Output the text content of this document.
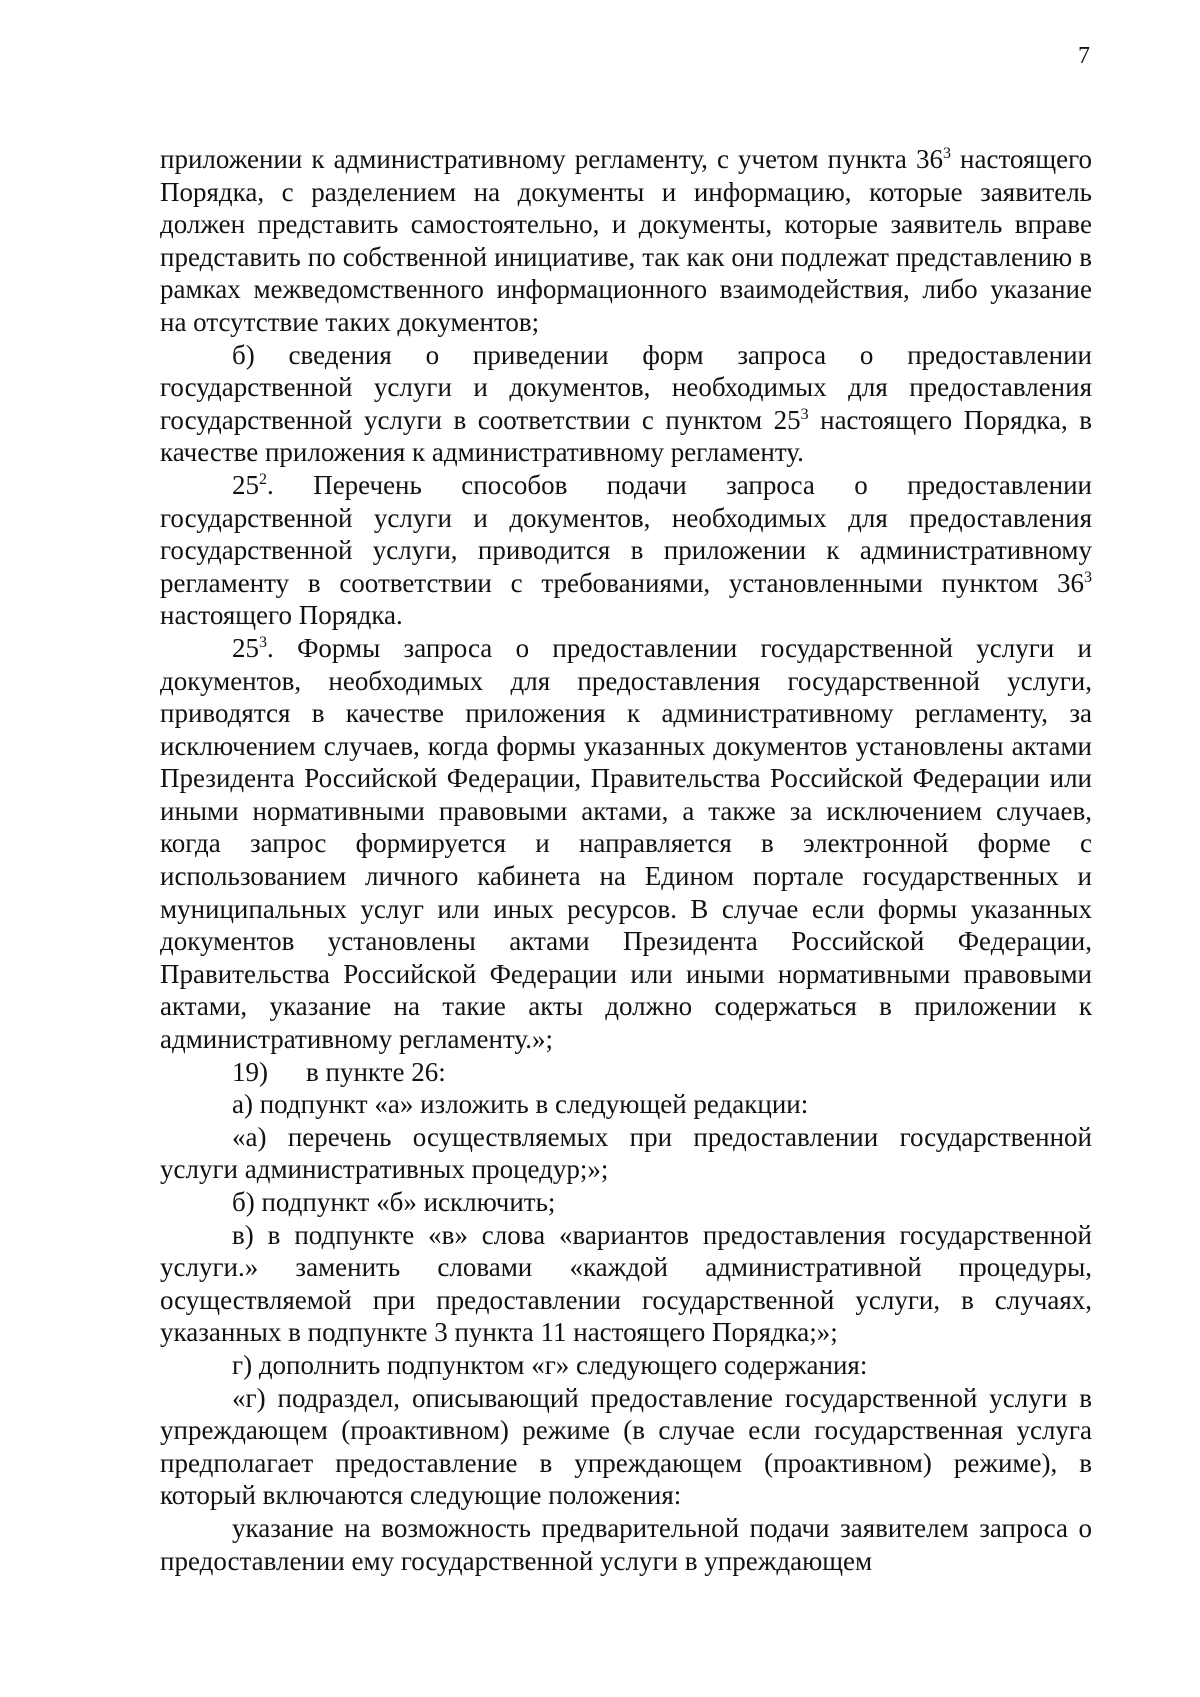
7

приложении к административному регламенту, с учетом пункта $36^3$ настоящего Порядка, с разделением на документы и информацию, которые заявитель должен представить самостоятельно, и документы, которые заявитель вправе представить по собственной инициативе, так как они подлежат представлению в рамках межведомственного информационного взаимодействия, либо указание на отсутствие таких документов;

б) сведения о приведении форм запроса о предоставлении государственной услуги и документов, необходимых для предоставления государственной услуги в соответствии с пунктом $25^3$ настоящего Порядка, в качестве приложения к административному регламенту.

$25^2$. Перечень способов подачи запроса о предоставлении государственной услуги и документов, необходимых для предоставления государственной услуги, приводится в приложении к административному регламенту в соответствии с требованиями, установленными пунктом $36^3$ настоящего Порядка.

$25^3$. Формы запроса о предоставлении государственной услуги и документов, необходимых для предоставления государственной услуги, приводятся в качестве приложения к административному регламенту, за исключением случаев, когда формы указанных документов установлены актами Президента Российской Федерации, Правительства Российской Федерации или иными нормативными правовыми актами, а также за исключением случаев, когда запрос формируется и направляется в электронной форме с использованием личного кабинета на Едином портале государственных и муниципальных услуг или иных ресурсов. В случае если формы указанных документов установлены актами Президента Российской Федерации, Правительства Российской Федерации или иными нормативными правовыми актами, указание на такие акты должно содержаться в приложении к административному регламенту.»;

19) в пункте 26:

а) подпункт «а» изложить в следующей редакции:

«а) перечень осуществляемых при предоставлении государственной услуги административных процедур;»;

б) подпункт «б» исключить;

в) в подпункте «в» слова «вариантов предоставления государственной услуги.» заменить словами «каждой административной процедуры, осуществляемой при предоставлении государственной услуги, в случаях, указанных в подпункте 3 пункта 11 настоящего Порядка;»;

г) дополнить подпунктом «г» следующего содержания:

«г) подраздел, описывающий предоставление государственной услуги в упреждающем (проактивном) режиме (в случае если государственная услуга предполагает предоставление в упреждающем (проактивном) режиме), в который включаются следующие положения:

указание на возможность предварительной подачи заявителем запроса о предоставлении ему государственной услуги в упреждающем
